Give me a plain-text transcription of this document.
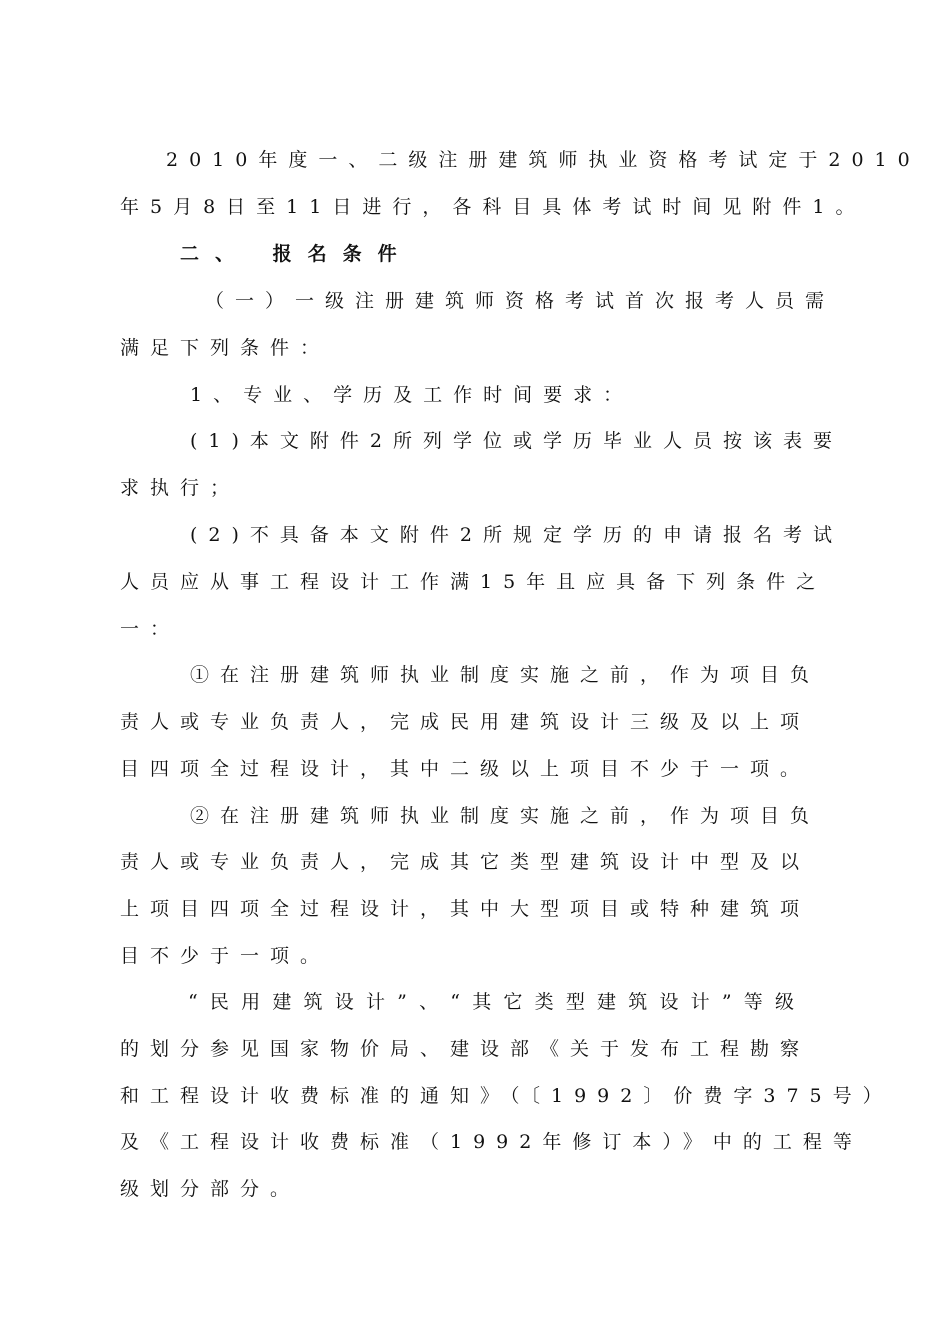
2010年度一、二级注册建筑师执业资格考试定于2010
年5月8日至11日进行，各科目具体考试时间见附件1。
二、 报名条件
（一）一级注册建筑师资格考试首次报考人员需
满足下列条件：
1、专业、学历及工作时间要求：
(1)本文附件2所列学位或学历毕业人员按该表要
求执行；
(2)不具备本文附件2所规定学历的申请报名考试
人员应从事工程设计工作满15年且应具备下列条件之
一：
①在注册建筑师执业制度实施之前，作为项目负
责人或专业负责人，完成民用建筑设计三级及以上项
目四项全过程设计，其中二级以上项目不少于一项。
②在注册建筑师执业制度实施之前，作为项目负
责人或专业负责人，完成其它类型建筑设计中型及以
上项目四项全过程设计，其中大型项目或特种建筑项
目不少于一项。
“民用建筑设计”、“其它类型建筑设计”等级
的划分参见国家物价局、建设部《关于发布工程勘察
和工程设计收费标准的通知》（〔1992〕价费字375号）
及《工程设计收费标准（1992年修订本）》中的工程等
级划分部分。
